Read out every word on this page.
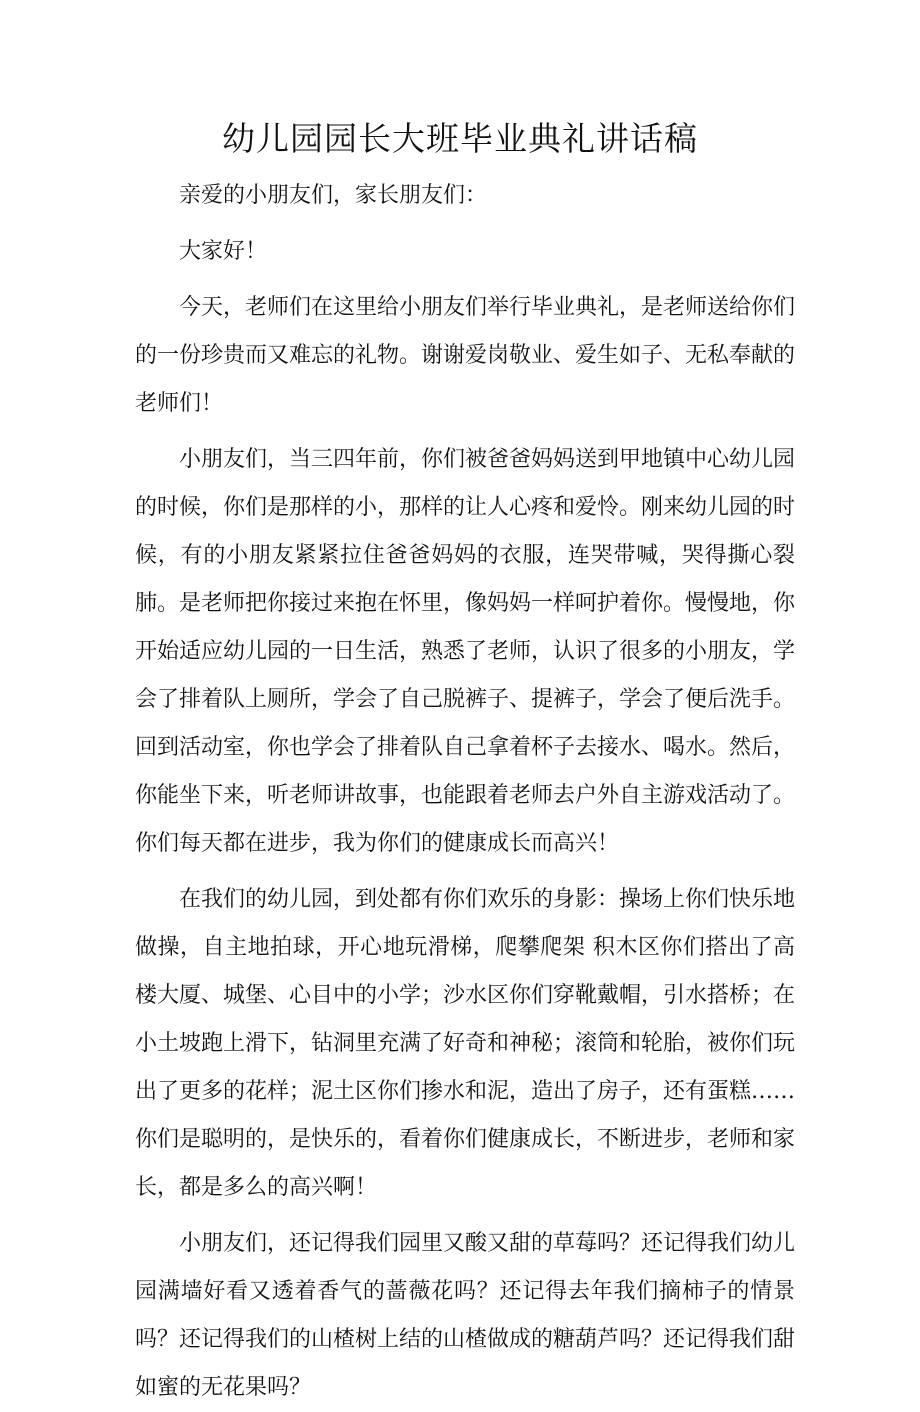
幼儿园园长大班毕业典礼讲话稿

亲爱的小朋友们，家长朋友们：

大家好！

今天，老师们在这里给小朋友们举行毕业典礼，是老师送给你们的一份珍贵而又难忘的礼物。谢谢爱岗敬业、爱生如子、无私奉献的老师们！

小朋友们，当三四年前，你们被爸爸妈妈送到甲地镇中心幼儿园的时候，你们是那样的小，那样的让人心疼和爱怜。刚来幼儿园的时候，有的小朋友紧紧拉住爸爸妈妈的衣服，连哭带喊，哭得撕心裂肺。是老师把你接过来抱在怀里，像妈妈一样呵护着你。慢慢地，你开始适应幼儿园的一日生活，熟悉了老师，认识了很多的小朋友，学会了排着队上厕所，学会了自己脱裤子、提裤子，学会了便后洗手。回到活动室，你也学会了排着队自己拿着杯子去接水、喝水。然后，你能坐下来，听老师讲故事，也能跟着老师去户外自主游戏活动了。你们每天都在进步，我为你们的健康成长而高兴！

在我们的幼儿园，到处都有你们欢乐的身影：操场上你们快乐地做操，自主地拍球，开心地玩滑梯，爬攀爬架 积木区你们搭出了高楼大厦、城堡、心目中的小学；沙水区你们穿靴戴帽，引水搭桥；在小土坡跑上滑下，钻洞里充满了好奇和神秘；滚筒和轮胎，被你们玩出了更多的花样；泥土区你们掺水和泥，造出了房子，还有蛋糕……你们是聪明的，是快乐的，看着你们健康成长，不断进步，老师和家长，都是多么的高兴啊！

小朋友们，还记得我们园里又酸又甜的草莓吗？还记得我们幼儿园满墙好看又透着香气的蔷薇花吗？还记得去年我们摘柿子的情景吗？还记得我们的山楂树上结的山楂做成的糖葫芦吗？还记得我们甜如蜜的无花果吗？
